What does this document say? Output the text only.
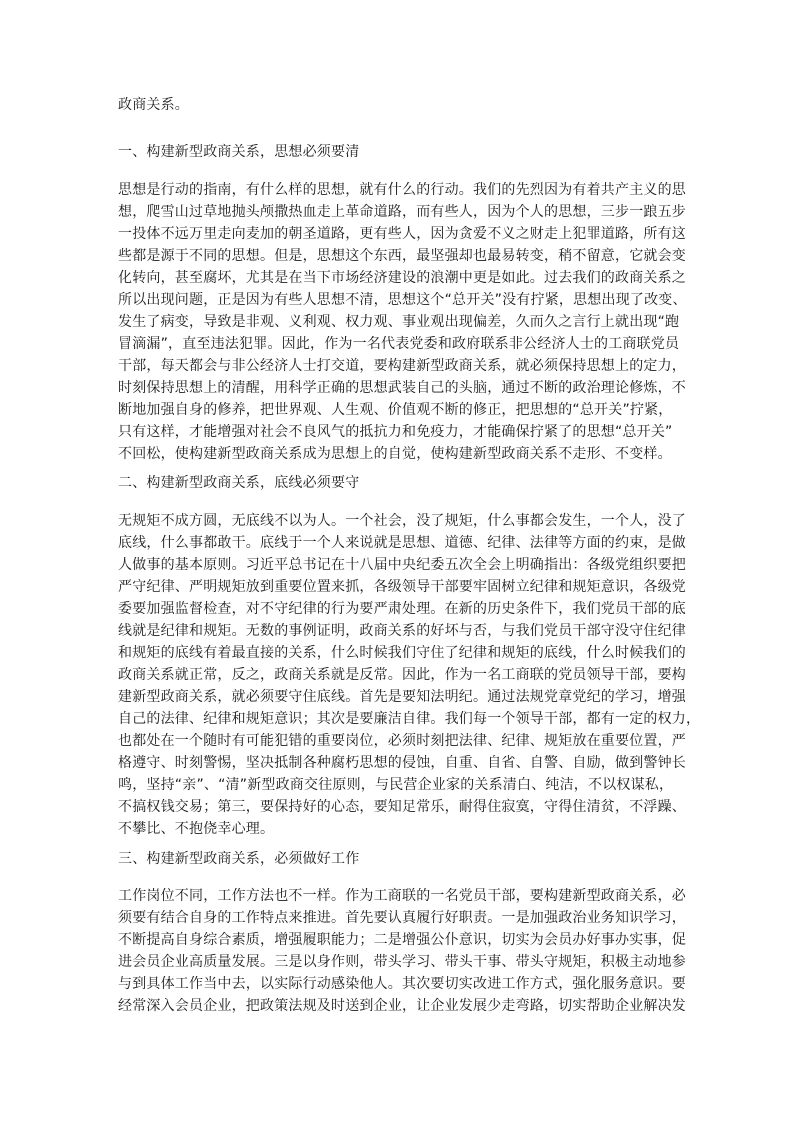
政商关系。
一、构建新型政商关系，思想必须要清
思想是行动的指南，有什么样的思想，就有什么的行动。我们的先烈因为有着共产主义的思
想，爬雪山过草地抛头颅撒热血走上革命道路，而有些人，因为个人的思想，三步一踉五步
一投体不远万里走向麦加的朝圣道路，更有些人，因为贪爱不义之财走上犯罪道路，所有这
些都是源于不同的思想。但是，思想这个东西，最坚强却也最易转变，稍不留意，它就会变
化转向，甚至腐坏，尤其是在当下市场经济建设的浪潮中更是如此。过去我们的政商关系之
所以出现问题，正是因为有些人思想不清，思想这个“总开关”没有拧紧，思想出现了改变、
发生了病变，导致是非观、义利观、权力观、事业观出现偏差，久而久之言行上就出现“跑
冒滴漏”，直至违法犯罪。因此，作为一名代表党委和政府联系非公经济人士的工商联党员
干部，每天都会与非公经济人士打交道，要构建新型政商关系，就必须保持思想上的定力，
时刻保持思想上的清醒，用科学正确的思想武装自己的头脑，通过不断的政治理论修炼，不
断地加强自身的修养，把世界观、人生观、价值观不断的修正，把思想的“总开关”拧紧，
只有这样，才能增强对社会不良风气的抵抗力和免疫力，才能确保拧紧了的思想“总开关”
不回松，使构建新型政商关系成为思想上的自觉，使构建新型政商关系不走形、不变样。
二、构建新型政商关系，底线必须要守
无规矩不成方圆，无底线不以为人。一个社会，没了规矩，什么事都会发生，一个人，没了
底线，什么事都敢干。底线于一个人来说就是思想、道德、纪律、法律等方面的约束，是做
人做事的基本原则。习近平总书记在十八届中央纪委五次全会上明确指出：各级党组织要把
严守纪律、严明规矩放到重要位置来抓，各级领导干部要牢固树立纪律和规矩意识，各级党
委要加强监督检查，对不守纪律的行为要严肃处理。在新的历史条件下，我们党员干部的底
线就是纪律和规矩。无数的事例证明，政商关系的好坏与否，与我们党员干部守没守住纪律
和规矩的底线有着最直接的关系，什么时候我们守住了纪律和规矩的底线，什么时候我们的
政商关系就正常，反之，政商关系就是反常。因此，作为一名工商联的党员领导干部，要构
建新型政商关系，就必须要守住底线。首先是要知法明纪。通过法规党章党纪的学习，增强
自己的法律、纪律和规矩意识；其次是要廉洁自律。我们每一个领导干部，都有一定的权力，
也都处在一个随时有可能犯错的重要岗位，必须时刻把法律、纪律、规矩放在重要位置，严
格遵守、时刻警惕，坚决抵制各种腐朽思想的侵蚀，自重、自省、自警、自励，做到警钟长
鸣，坚持“亲”、“清”新型政商交往原则，与民营企业家的关系清白、纯洁，不以权谋私，
不搞权钱交易；第三，要保持好的心态，要知足常乐，耐得住寂寞，守得住清贫，不浮躁、
不攀比、不抱侥幸心理。
三、构建新型政商关系，必须做好工作
工作岗位不同，工作方法也不一样。作为工商联的一名党员干部，要构建新型政商关系，必
须要有结合自身的工作特点来推进。首先要认真履行好职责。一是加强政治业务知识学习，
不断提高自身综合素质，增强履职能力；二是增强公仆意识，切实为会员办好事办实事，促
进会员企业高质量发展。三是以身作则，带头学习、带头干事、带头守规矩，积极主动地参
与到具体工作当中去，以实际行动感染他人。其次要切实改进工作方式，强化服务意识。要
经常深入会员企业，把政策法规及时送到企业，让企业发展少走弯路，切实帮助企业解决发
